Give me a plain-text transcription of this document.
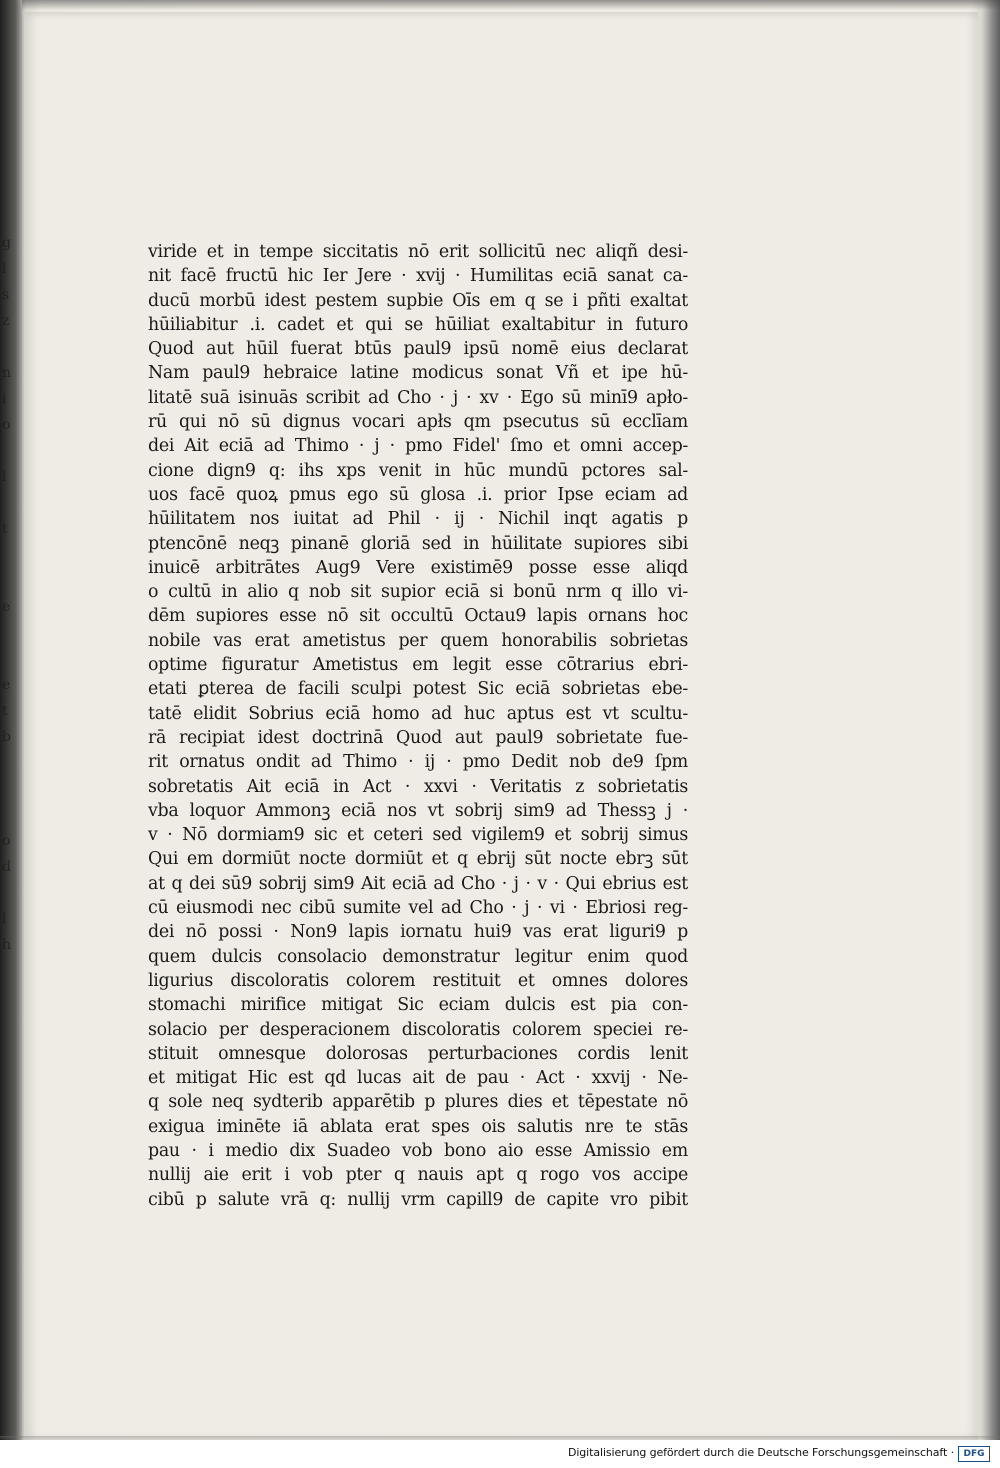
g
l
s
z

n
i
o

l

t

e

e
t
b

o
d

l
h
viride et in tempe siccitatis nō erit sollicitū nec aliqñ desi-
nit facē fructū hic Ier Jere · xvij · Humilitas eciā sanat ca-
ducū morbū idest pestem supbie Oīs em q se i pñti exaltat
hūiliabitur .i. cadet et qui se hūiliat exaltabitur in futuro
Quod aut hūil fuerat btūs paul9 ipsū nomē eius declarat
Nam paul9 hebraice latine modicus sonat Vñ et ipe hū-
litatē suā isinuās scribit ad Cho · j · xv · Ego sū minī9 apło-
rū qui nō sū dignus vocari apłs qm psecutus sū ecclīam
dei Ait eciā ad Thimo · j · pmo Fidel' ſmo et omni accep-
cione dign9 q: ihs xps venit in hūc mundū pctores sal-
uos facē quoꝝ pmus ego sū glosa .i. prior Ipse eciam ad
hūilitatem nos iuitat ad Phil · ij · Nichil inqt agatis p
ptencōnē neqꝫ pinanē gloriā sed in hūilitate supiores sibi
inuicē arbitrātes Aug9 Vere existimē9 posse esse aliqd
o cultū in alio q nob sit supior eciā si bonū nrm q illo vi-
dēm supiores esse nō sit occultū Octau9 lapis ornans hoc
nobile vas erat ametistus per quem honorabilis sobrietas
optime figuratur Ametistus em legit esse cōtrarius ebri-
etati ꝑterea de facili sculpi potest Sic eciā sobrietas ebe-
tatē elidit Sobrius eciā homo ad huc aptus est vt scultu-
rā recipiat idest doctrinā Quod aut paul9 sobrietate fue-
rit ornatus ondit ad Thimo · ij · pmo Dedit nob de9 ſpm
sobretatis Ait eciā in Act · xxvi · Veritatis z sobrietatis
vba loquor Ammonꝫ eciā nos vt sobrij sim9 ad Thessꝫ j ·
v · Nō dormiam9 sic et ceteri sed vigilem9 et sobrij simus
Qui em dormiūt nocte dormiūt et q ebrij sūt nocte ebrꝫ sūt
at q dei sū9 sobrij sim9 Ait eciā ad Cho · j · v · Qui ebrius est
cū eiusmodi nec cibū sumite vel ad Cho · j · vi · Ebriosi reg-
dei nō possi · Non9 lapis iornatu hui9 vas erat liguri9 p
quem dulcis consolacio demonstratur legitur enim quod
ligurius discoloratis colorem restituit et omnes dolores
stomachi mirifice mitigat Sic eciam dulcis est pia con-
solacio per desperacionem discoloratis colorem speciei re-
stituit omnesque dolorosas perturbaciones cordis lenit
et mitigat Hic est qd lucas ait de pau · Act · xxvij · Ne-
q sole neq sydterib apparētib p plures dies et tēpestate nō
exigua iminēte iā ablata erat spes ois salutis nre te stās
pau · i medio dix Suadeo vob bono aio esse Amissio em
nullij aie erit i vob pter q nauis apt q rogo vos accipe
cibū p salute vrā q: nullij vrm capill9 de capite vro pibit
Digitalisierung gefördert durch die Deutsche Forschungsgemeinschaft ·	DFG
